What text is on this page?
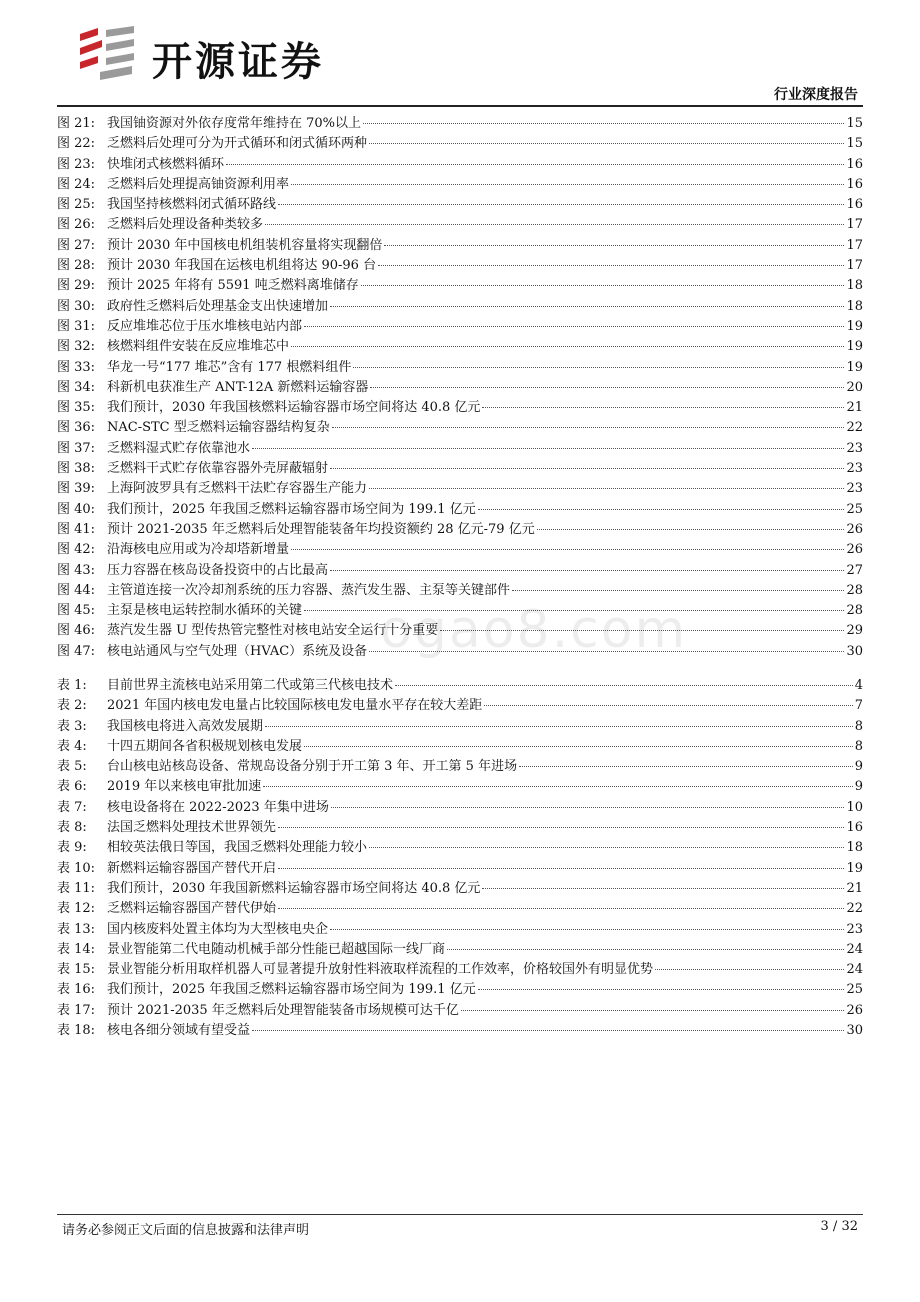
开源证券
行业深度报告
图 21: 我国铀资源对外依存度常年维持在 70%以上	15
图 22: 乏燃料后处理可分为开式循环和闭式循环两种	15
图 23: 快堆闭式核燃料循环	16
图 24: 乏燃料后处理提高铀资源利用率	16
图 25: 我国坚持核燃料闭式循环路线	16
图 26: 乏燃料后处理设备种类较多	17
图 27: 预计 2030 年中国核电机组装机容量将实现翻倍	17
图 28: 预计 2030 年我国在运核电机组将达 90-96 台	17
图 29: 预计 2025 年将有 5591 吨乏燃料离堆储存	18
图 30: 政府性乏燃料后处理基金支出快速增加	18
图 31: 反应堆堆芯位于压水堆核电站内部	19
图 32: 核燃料组件安装在反应堆堆芯中	19
图 33: 华龙一号“177 堆芯”含有 177 根燃料组件	19
图 34: 科新机电获准生产 ANT-12A 新燃料运输容器	20
图 35: 我们预计，2030 年我国核燃料运输容器市场空间将达 40.8 亿元	21
图 36: NAC-STC 型乏燃料运输容器结构复杂	22
图 37: 乏燃料湿式贮存依靠池水	23
图 38: 乏燃料干式贮存依靠容器外壳屏蔽辐射	23
图 39: 上海阿波罗具有乏燃料干法贮存容器生产能力	23
图 40: 我们预计，2025 年我国乏燃料运输容器市场空间为 199.1 亿元	25
图 41: 预计 2021-2035 年乏燃料后处理智能装备年均投资额约 28 亿元-79 亿元	26
图 42: 沿海核电应用或为冷却塔新增量	26
图 43: 压力容器在核岛设备投资中的占比最高	27
图 44: 主管道连接一次冷却剂系统的压力容器、蒸汽发生器、主泵等关键部件	28
图 45: 主泵是核电运转控制水循环的关键	28
图 46: 蒸汽发生器 U 型传热管完整性对核电站安全运行十分重要	29
图 47: 核电站通风与空气处理（HVAC）系统及设备	30
表 1:	目前世界主流核电站采用第二代或第三代核电技术	4
表 2:	2021 年国内核电发电量占比较国际核电发电量水平存在较大差距	7
表 3:	我国核电将进入高效发展期	8
表 4:	十四五期间各省积极规划核电发展	8
表 5:	台山核电站核岛设备、常规岛设备分别于开工第 3 年、开工第 5 年进场	9
表 6:	2019 年以来核电审批加速	9
表 7:	核电设备将在 2022-2023 年集中进场	10
表 8:	法国乏燃料处理技术世界领先	16
表 9:	相较英法俄日等国，我国乏燃料处理能力较小	18
表 10: 新燃料运输容器国产替代开启	19
表 11: 我们预计，2030 年我国新燃料运输容器市场空间将达 40.8 亿元	21
表 12: 乏燃料运输容器国产替代伊始	22
表 13: 国内核废料处置主体均为大型核电央企	23
表 14: 景业智能第二代电随动机械手部分性能已超越国际一线厂商	24
表 15: 景业智能分析用取样机器人可显著提升放射性料液取样流程的工作效率，价格较国外有明显优势	24
表 16: 我们预计，2025 年我国乏燃料运输容器市场空间为 199.1 亿元	25
表 17: 预计 2021-2035 年乏燃料后处理智能装备市场规模可达千亿	26
表 18: 核电各细分领域有望受益	30
ogao8.com
请务必参阅正文后面的信息披露和法律声明	3 / 32
